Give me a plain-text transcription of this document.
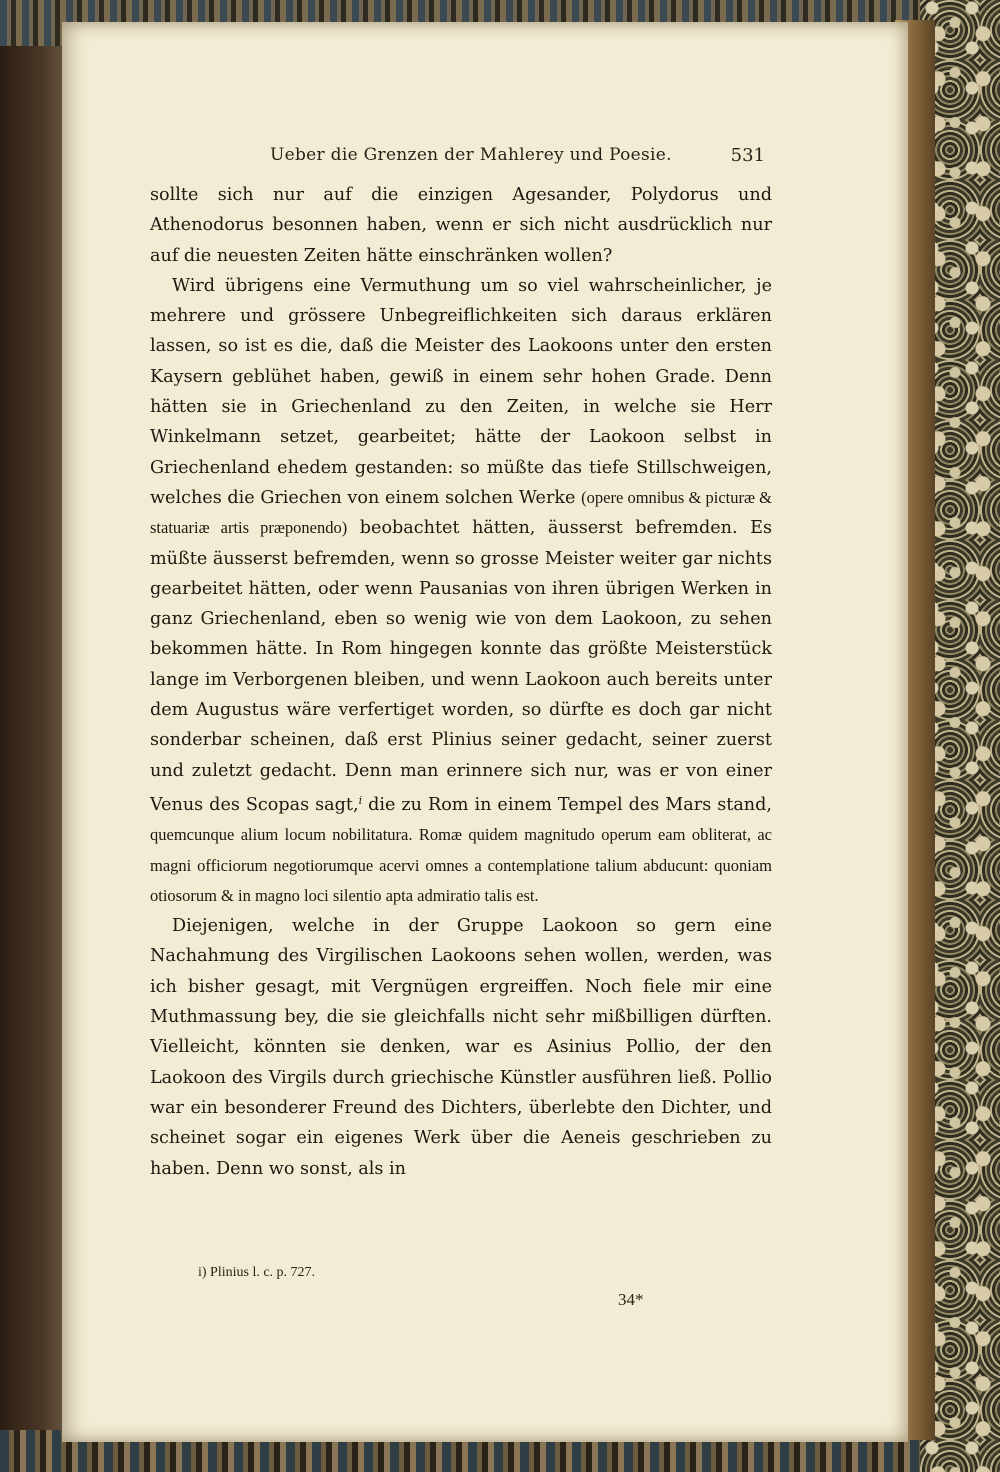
Ueber die Grenzen der Mahlerey und Poesie.	531

sollte sich nur auf die einzigen Agesander, Polydorus und Athenodorus besonnen haben, wenn er sich nicht ausdrücklich nur auf die neuesten Zeiten hätte einschränken wollen?

Wird übrigens eine Vermuthung um so viel wahrscheinlicher, je mehrere und grössere Unbegreiflichkeiten sich daraus erklären lassen, so ist es die, daß die Meister des Laokoons unter den ersten Kaysern geblühet haben, gewiß in einem sehr hohen Grade. Denn hätten sie in Griechenland zu den Zeiten, in welche sie Herr Winkelmann setzet, gearbeitet; hätte der Laokoon selbst in Griechenland ehedem gestanden: so müßte das tiefe Stillschweigen, welches die Griechen von einem solchen Werke (opere omnibus & picturæ & statuariæ artis præponendo) beobachtet hätten, äusserst befremden. Es müßte äusserst befremden, wenn so grosse Meister weiter gar nichts gearbeitet hätten, oder wenn Pausanias von ihren übrigen Werken in ganz Griechenland, eben so wenig wie von dem Laokoon, zu sehen bekommen hätte. In Rom hingegen konnte das größte Meisterstück lange im Verborgenen bleiben, und wenn Laokoon auch bereits unter dem Augustus wäre verfertiget worden, so dürfte es doch gar nicht sonderbar scheinen, daß erst Plinius seiner gedacht, seiner zuerst und zuletzt gedacht. Denn man erinnere sich nur, was er von einer Venus des Scopas sagt,$^i$ die zu Rom in einem Tempel des Mars stand, quemcunque alium locum nobilitatura. Romæ quidem magnitudo operum eam obliterat, ac magni officiorum negotiorumque acervi omnes a contemplatione talium abducunt: quoniam otiosorum & in magno loci silentio apta admiratio talis est.

Diejenigen, welche in der Gruppe Laokoon so gern eine Nachahmung des Virgilischen Laokoons sehen wollen, werden, was ich bisher gesagt, mit Vergnügen ergreiffen. Noch fiele mir eine Muthmassung bey, die sie gleichfalls nicht sehr mißbilligen dürften. Vielleicht, könnten sie denken, war es Asinius Pollio, der den Laokoon des Virgils durch griechische Künstler ausführen ließ. Pollio war ein besonderer Freund des Dichters, überlebte den Dichter, und scheinet sogar ein eigenes Werk über die Aeneis geschrieben zu haben. Denn wo sonst, als in

i) Plinius l. c. p. 727.
34*
